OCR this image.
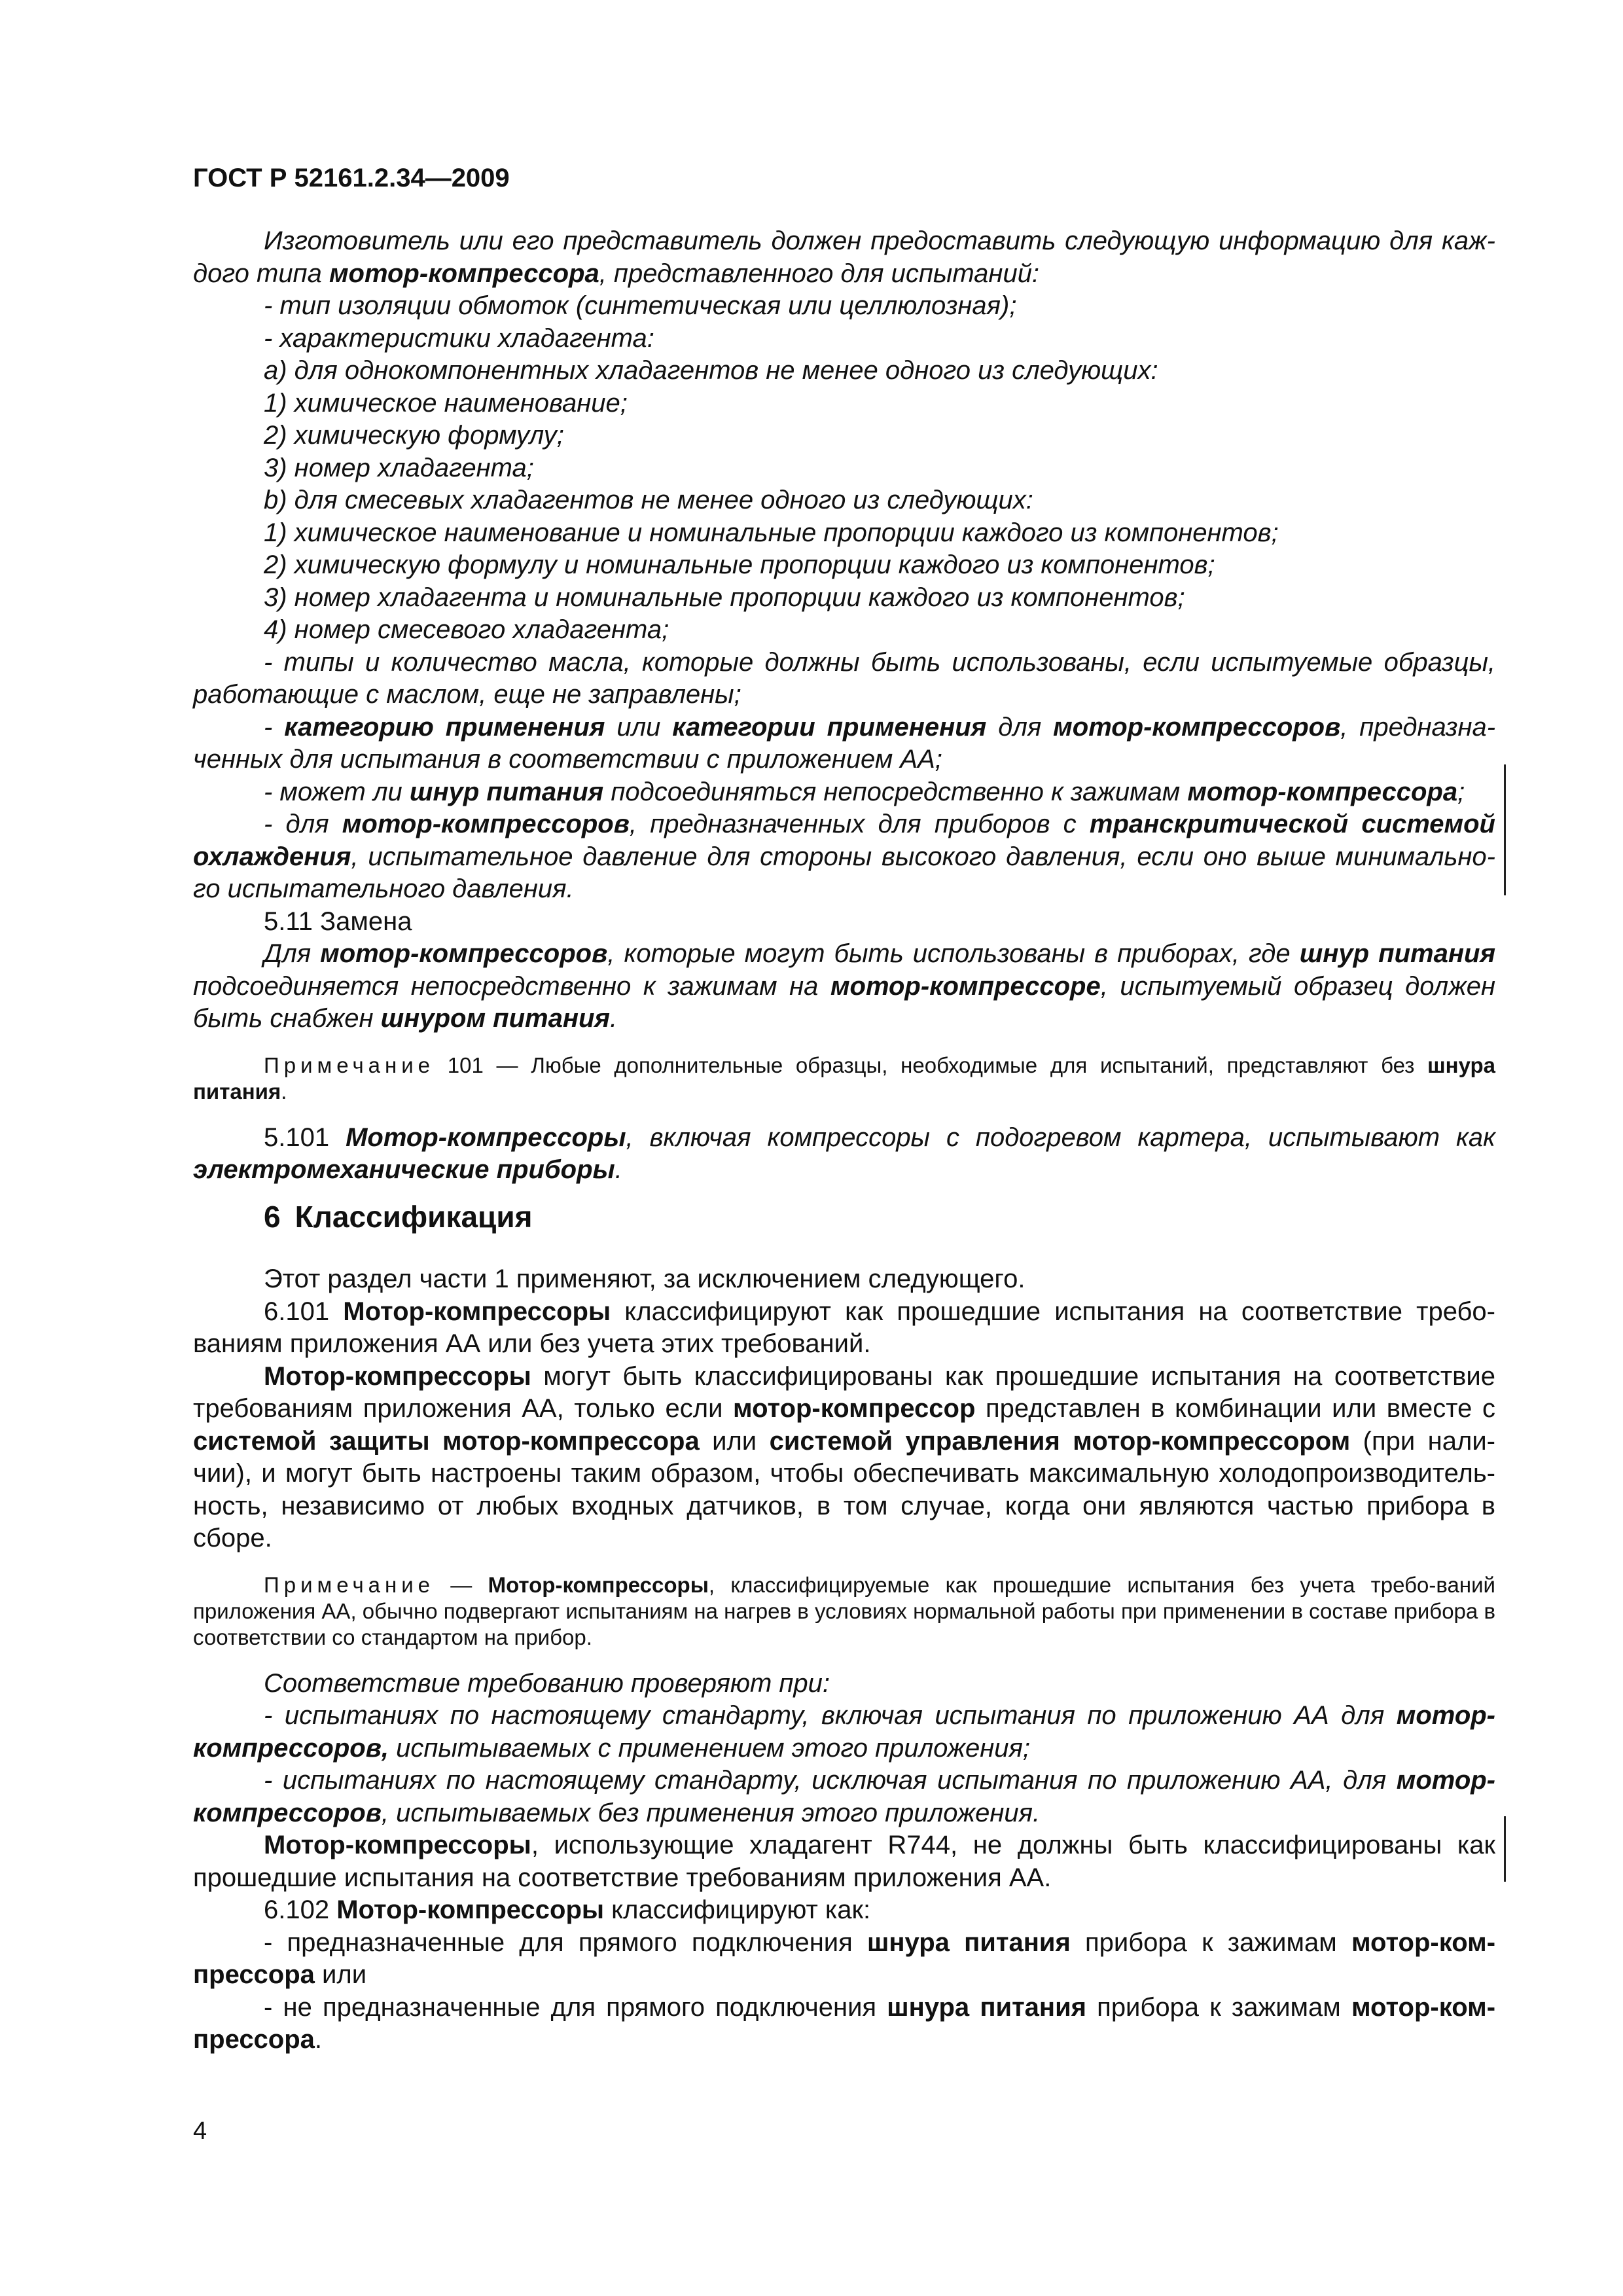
ГОСТ Р 52161.2.34—2009

Изготовитель или его представитель должен предоставить следующую информацию для каж-дого типа мотор-компрессора, представленного для испытаний:

- тип изоляции обмоток (синтетическая или целлюлозная);

- характеристики хладагента:

a) для однокомпонентных хладагентов не менее одного из следующих:

1) химическое наименование;

2) химическую формулу;

3) номер хладагента;

b) для смесевых хладагентов не менее одного из следующих:

1) химическое наименование и номинальные пропорции каждого из компонентов;

2) химическую формулу и номинальные пропорции каждого из компонентов;

3) номер хладагента и номинальные пропорции каждого из компонентов;

4) номер смесевого хладагента;

- типы и количество масла, которые должны быть использованы, если испытуемые образцы, работающие с маслом, еще не заправлены;

- категорию применения или категории применения для мотор-компрессоров, предназна-ченных для испытания в соответствии с приложением АА;

- может ли шнур питания подсоединяться непосредственно к зажимам мотор-компрессора;

- для мотор-компрессоров, предназначенных для приборов с транскритической системой охлаждения, испытательное давление для стороны высокого давления, если оно выше минимально-го испытательного давления.

5.11 Замена

Для мотор-компрессоров, которые могут быть использованы в приборах, где шнур питания подсоединяется непосредственно к зажимам на мотор-компрессоре, испытуемый образец должен быть снабжен шнуром питания.

Примечание 101 — Любые дополнительные образцы, необходимые для испытаний, представляют без шнура питания.

5.101 Мотор-компрессоры, включая компрессоры с подогревом картера, испытывают как электромеханические приборы.

6 Классификация

Этот раздел части 1 применяют, за исключением следующего.

6.101 Мотор-компрессоры классифицируют как прошедшие испытания на соответствие требо-ваниям приложения АА или без учета этих требований.

Мотор-компрессоры могут быть классифицированы как прошедшие испытания на соответствие требованиям приложения АА, только если мотор-компрессор представлен в комбинации или вместе с системой защиты мотор-компрессора или системой управления мотор-компрессором (при нали-чии), и могут быть настроены таким образом, чтобы обеспечивать максимальную холодопроизводитель-ность, независимо от любых входных датчиков, в том случае, когда они являются частью прибора в сборе.

Примечание — Мотор-компрессоры, классифицируемые как прошедшие испытания без учета требо-ваний приложения АА, обычно подвергают испытаниям на нагрев в условиях нормальной работы при применении в составе прибора в соответствии со стандартом на прибор.

Соответствие требованию проверяют при:

- испытаниях по настоящему стандарту, включая испытания по приложению АА для мотор-компрессоров, испытываемых с применением этого приложения;

- испытаниях по настоящему стандарту, исключая испытания по приложению АА, для мотор-компрессоров, испытываемых без применения этого приложения.

Мотор-компрессоры, использующие хладагент R744, не должны быть классифицированы как прошедшие испытания на соответствие требованиям приложения АА.

6.102 Мотор-компрессоры классифицируют как:

- предназначенные для прямого подключения шнура питания прибора к зажимам мотор-ком-прессора или

- не предназначенные для прямого подключения шнура питания прибора к зажимам мотор-ком-прессора.

4
